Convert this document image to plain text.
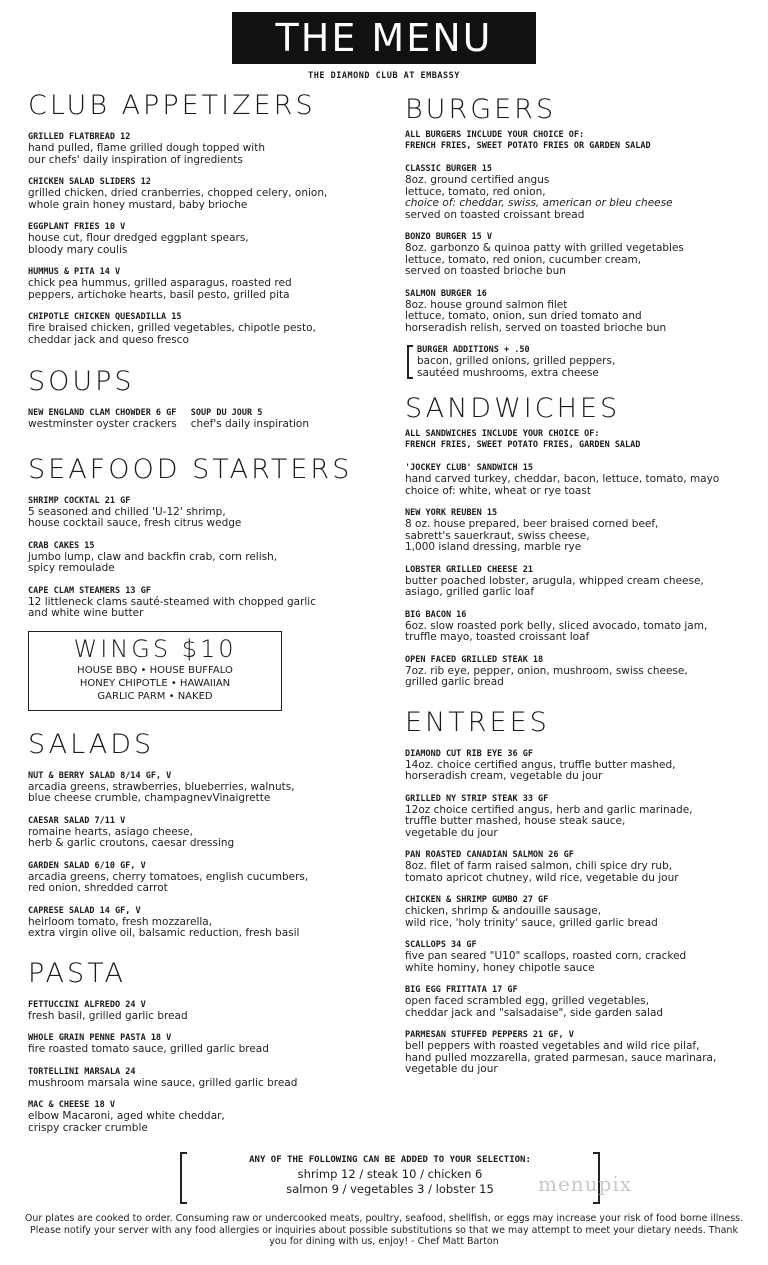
THE MENU
THE DIAMOND CLUB AT EMBASSY
CLUB APPETIZERS
GRILLED FLATBREAD 12
hand pulled, flame grilled dough topped with
our chefs' daily inspiration of ingredients
CHICKEN SALAD SLIDERS 12
grilled chicken, dried cranberries, chopped celery, onion,
whole grain honey mustard, baby brioche
EGGPLANT FRIES 10 V
house cut, flour dredged eggplant spears,
bloody mary coulis
HUMMUS & PITA 14 V
chick pea hummus, grilled asparagus, roasted red
peppers, artichoke hearts, basil pesto, grilled pita
CHIPOTLE CHICKEN QUESADILLA 15
fire braised chicken, grilled vegetables, chipotle pesto,
cheddar jack and queso fresco
SOUPS
NEW ENGLAND CLAM CHOWDER 6 GF
westminster oyster crackers
SOUP DU JOUR 5
chef's daily inspiration
SEAFOOD STARTERS
SHRIMP COCKTAL 21 GF
5 seasoned and chilled 'U-12' shrimp,
house cocktail sauce, fresh citrus wedge
CRAB CAKES 15
jumbo lump, claw and backfin crab, corn relish,
spicy remoulade
CAPE CLAM STEAMERS 13 GF
12 littleneck clams sauté-steamed with chopped garlic
and white wine butter
WINGS $10
HOUSE BBQ • HOUSE BUFFALO
HONEY CHIPOTLE • HAWAIIAN
GARLIC PARM • NAKED
SALADS
NUT & BERRY SALAD 8/14 GF, V
arcadia greens, strawberries, blueberries, walnuts,
blue cheese crumble, champagnevVinaigrette
CAESAR SALAD 7/11 V
romaine hearts, asiago cheese,
herb & garlic croutons, caesar dressing
GARDEN SALAD 6/10 GF, V
arcadia greens, cherry tomatoes, english cucumbers,
red onion, shredded carrot
CAPRESE SALAD 14 GF, V
heirloom tomato, fresh mozzarella,
extra virgin olive oil, balsamic reduction, fresh basil
PASTA
FETTUCCINI ALFREDO 24 V
fresh basil, grilled garlic bread
WHOLE GRAIN PENNE PASTA 18 V
fire roasted tomato sauce, grilled garlic bread
TORTELLINI MARSALA 24
mushroom marsala wine sauce, grilled garlic bread
MAC & CHEESE 18 V
elbow Macaroni, aged white cheddar,
crispy cracker crumble
BURGERS
ALL BURGERS INCLUDE YOUR CHOICE OF:
FRENCH FRIES, SWEET POTATO FRIES OR GARDEN SALAD
CLASSIC BURGER 15
8oz. ground certified angus
lettuce, tomato, red onion,
choice of: cheddar, swiss, american or bleu cheese
served on toasted croissant bread
BONZO BURGER 15 V
8oz. garbonzo & quinoa patty with grilled vegetables
lettuce, tomato, red onion, cucumber cream,
served on toasted brioche bun
SALMON BURGER 16
8oz. house ground salmon filet
lettuce, tomato, onion, sun dried tomato and
horseradish relish, served on toasted brioche bun
BURGER ADDITIONS + .50
bacon, grilled onions, grilled peppers,
sautéed mushrooms, extra cheese
SANDWICHES
ALL SANDWICHES INCLUDE YOUR CHOICE OF:
FRENCH FRIES, SWEET POTATO FRIES, GARDEN SALAD
'JOCKEY CLUB' SANDWICH 15
hand carved turkey, cheddar, bacon, lettuce, tomato, mayo
choice of: white, wheat or rye toast
NEW YORK REUBEN 15
8 oz. house prepared, beer braised corned beef,
sabrett's sauerkraut, swiss cheese,
1,000 island dressing, marble rye
LOBSTER GRILLED CHEESE 21
butter poached lobster, arugula, whipped cream cheese,
asiago, grilled garlic loaf
BIG BACON 16
6oz. slow roasted pork belly, sliced avocado, tomato jam,
truffle mayo, toasted croissant loaf
OPEN FACED GRILLED STEAK 18
7oz. rib eye, pepper, onion, mushroom, swiss cheese,
grilled garlic bread
ENTREES
DIAMOND CUT RIB EYE 36 GF
14oz. choice certified angus, truffle butter mashed,
horseradish cream, vegetable du jour
GRILLED NY STRIP STEAK 33 GF
12oz choice certified angus, herb and garlic marinade,
truffle butter mashed, house steak sauce,
vegetable du jour
PAN ROASTED CANADIAN SALMON 26 GF
8oz. filet of farm raised salmon, chili spice dry rub,
tomato apricot chutney, wild rice, vegetable du jour
CHICKEN & SHRIMP GUMBO 27 GF
chicken, shrimp & andouille sausage,
wild rice, 'holy trinity' sauce, grilled garlic bread
SCALLOPS 34 GF
five pan seared "U10" scallops, roasted corn, cracked
white hominy, honey chipotle sauce
BIG EGG FRITTATA 17 GF
open faced scrambled egg, grilled vegetables,
cheddar jack and "salsadaise", side garden salad
PARMESAN STUFFED PEPPERS 21 GF, V
bell peppers with roasted vegetables and wild rice pilaf,
hand pulled mozzarella, grated parmesan, sauce marinara,
vegetable du jour
ANY OF THE FOLLOWING CAN BE ADDED TO YOUR SELECTION:
shrimp 12 / steak 10 / chicken 6
salmon 9 / vegetables 3 / lobster 15	menupix
Our plates are cooked to order. Consuming raw or undercooked meats, poultry, seafood, shellfish, or eggs may increase your risk of food borne illness. Please notify your server with any food allergies or inquiries about possible substitutions so that we may attempt to meet your dietary needs. Thank you for dining with us, enjoy! - Chef Matt Barton
